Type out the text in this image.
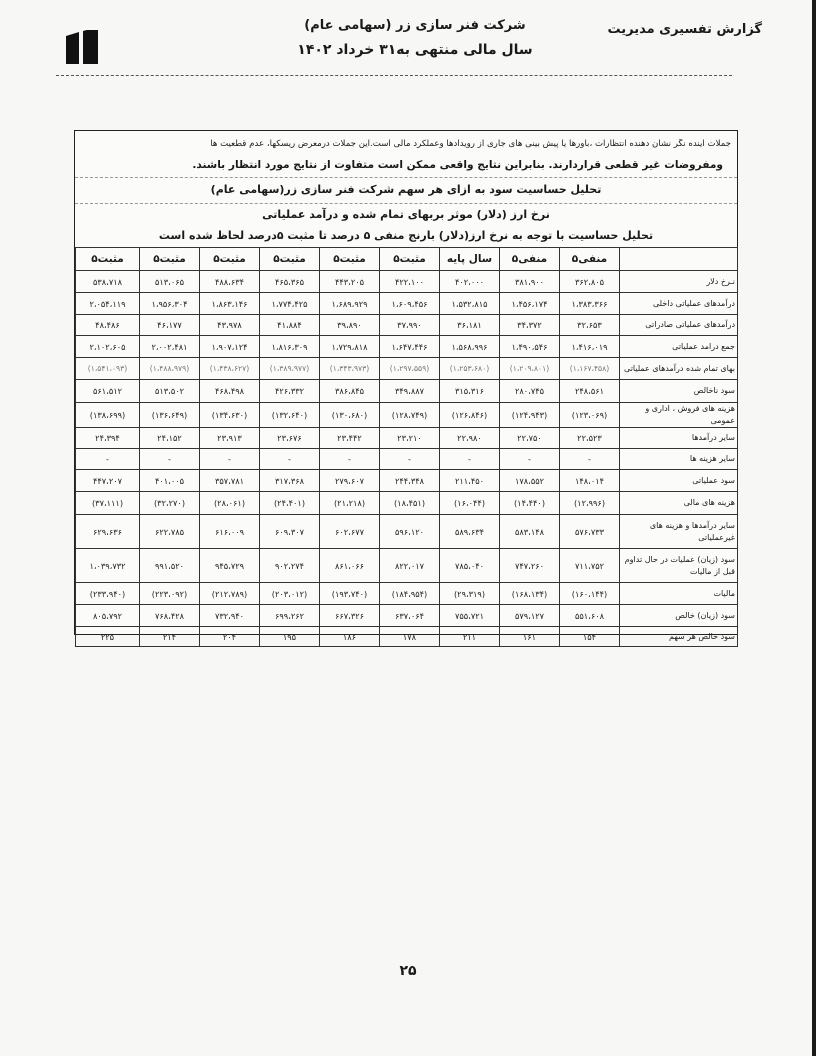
شرکت فنر سازی زر (سهامی عام)
سال مالی منتهی به۳۱ خرداد ۱۴۰۲
گزارش تفسیری مدیریت
جملات آینده نگر نشان دهنده انتظارات ،باورها یا پیش بینی های جاری از رویدادها وعملکرد مالی است.این جملات درمعرض ریسکها، عدم قطعیت ها
ومفروضات غیر قطعی قراردارند. بنابراین نتایج واقعی ممکن است متفاوت از نتایج مورد انتظار باشند.
تحلیل حساسیت سود به ازای هر سهم شرکت فنر سازی زر(سهامی عام)
نرخ ارز (دلار) موثر بربهای تمام شده و درآمد عملیاتی
تحلیل حساسیت با توجه به نرخ ارز(دلار) بارنج منفی ۵ درصد تا مثبت ۵درصد لحاظ شده است
	منفی۵	منفی۵	سال پایه	مثبت۵	مثبت۵	مثبت۵	مثبت۵	مثبت۵	مثبت۵
نـرخ دلار	۳۶۲،۸۰۵	۳۸۱،۹۰۰	۴۰۲،۰۰۰	۴۲۲،۱۰۰	۴۴۳،۲۰۵	۴۶۵،۳۶۵	۴۸۸،۶۳۴	۵۱۳،۰۶۵	۵۳۸،۷۱۸
درآمدهای عملیاتی داخلی	۱،۳۸۳،۳۶۶	۱،۴۵۶،۱۷۴	۱،۵۳۲،۸۱۵	۱،۶۰۹،۴۵۶	۱،۶۸۹،۹۲۹	۱،۷۷۴،۴۲۵	۱،۸۶۳،۱۴۶	۱،۹۵۶،۳۰۴	۲،۰۵۴،۱۱۹
درآمدهای عملیاتی صادراتی	۳۲،۶۵۳	۳۴،۳۷۲	۳۶،۱۸۱	۳۷،۹۹۰	۳۹،۸۹۰	۴۱،۸۸۴	۴۳،۹۷۸	۴۶،۱۷۷	۴۸،۴۸۶
جمع درامد عملیاتی	۱،۴۱۶،۰۱۹	۱،۴۹۰،۵۴۶	۱،۵۶۸،۹۹۶	۱،۶۴۷،۴۴۶	۱،۷۲۹،۸۱۸	۱،۸۱۶،۳۰۹	۱،۹۰۷،۱۲۴	۲،۰۰۲،۴۸۱	۲،۱۰۲،۶۰۵
بهای تمام شده درآمدهای عملیاتی	(۱،۱۶۷،۴۵۸)	(۱،۲۰۹،۸۰۱)	(۱،۲۵۳،۶۸۰)	(۱،۲۹۷،۵۵۹)	(۱،۳۴۳،۹۷۳)	(۱،۳۸۹،۹۷۷)	(۱،۴۳۸،۶۲۷)	(۱،۴۸۸،۹۷۹)	(۱،۵۴۱،۰۹۳)
سود ناخالص	۲۴۸،۵۶۱	۲۸۰،۷۴۵	۳۱۵،۳۱۶	۳۴۹،۸۸۷	۳۸۶،۸۴۵	۴۲۶،۳۳۲	۴۶۸،۴۹۸	۵۱۳،۵۰۲	۵۶۱،۵۱۲
هزینه های فروش ، اداری و عمومی	(۱۲۳،۰۶۹)	(۱۲۴،۹۴۳)	(۱۲۶،۸۴۶)	(۱۲۸،۷۴۹)	(۱۳۰،۶۸۰)	(۱۳۲،۶۴۰)	(۱۳۴،۶۳۰)	(۱۳۶،۶۴۹)	(۱۳۸،۶۹۹)
سایر درآمدها	۲۲،۵۲۳	۲۲،۷۵۰	۲۲،۹۸۰	۲۳،۲۱۰	۲۳،۴۴۲	۲۳،۶۷۶	۲۳،۹۱۳	۲۴،۱۵۲	۲۴،۳۹۴
سایر هزینه ها	-	-	-	-	-	-	-	-	-
سود عملیاتی	۱۴۸،۰۱۴	۱۷۸،۵۵۲	۲۱۱،۴۵۰	۲۴۴،۳۴۸	۲۷۹،۶۰۷	۳۱۷،۳۶۸	۳۵۷،۷۸۱	۴۰۱،۰۰۵	۴۴۷،۲۰۷
هزینه های مالی	(۱۲،۹۹۶)	(۱۴،۴۴۰)	(۱۶،۰۴۴)	(۱۸،۴۵۱)	(۲۱،۲۱۸)	(۲۴،۴۰۱)	(۲۸،۰۶۱)	(۳۲،۲۷۰)	(۳۷،۱۱۱)
سایر درآمدها و هزینه های غیرعملیاتی	۵۷۶،۷۳۳	۵۸۳،۱۴۸	۵۸۹،۶۳۴	۵۹۶،۱۲۰	۶۰۲،۶۷۷	۶۰۹،۳۰۷	۶۱۶،۰۰۹	۶۲۲،۷۸۵	۶۲۹،۶۳۶
سود (زیان) عملیات در حال تداوم قبل از مالیات	۷۱۱،۷۵۲	۷۴۷،۲۶۰	۷۸۵،۰۴۰	۸۲۲،۰۱۷	۸۶۱،۰۶۶	۹۰۲،۲۷۴	۹۴۵،۷۲۹	۹۹۱،۵۲۰	۱،۰۳۹،۷۳۲
مالیات	(۱۶۰،۱۴۴)	(۱۶۸،۱۳۴)	(۲۹،۳۱۹)	(۱۸۴،۹۵۴)	(۱۹۳،۷۴۰)	(۲۰۳،۰۱۲)	(۲۱۲،۷۸۹)	(۲۲۳،۰۹۲)	(۲۳۳،۹۴۰)
سود (زیان) خالص	۵۵۱،۶۰۸	۵۷۹،۱۲۷	۷۵۵،۷۲۱	۶۳۷،۰۶۴	۶۶۷،۳۲۶	۶۹۹،۲۶۲	۷۳۲،۹۴۰	۷۶۸،۴۲۸	۸۰۵،۷۹۲
سود خالص هر سهم	۱۵۴	۱۶۱	۲۱۱	۱۷۸	۱۸۶	۱۹۵	۲۰۴	۲۱۴	۲۲۵
۲۵
